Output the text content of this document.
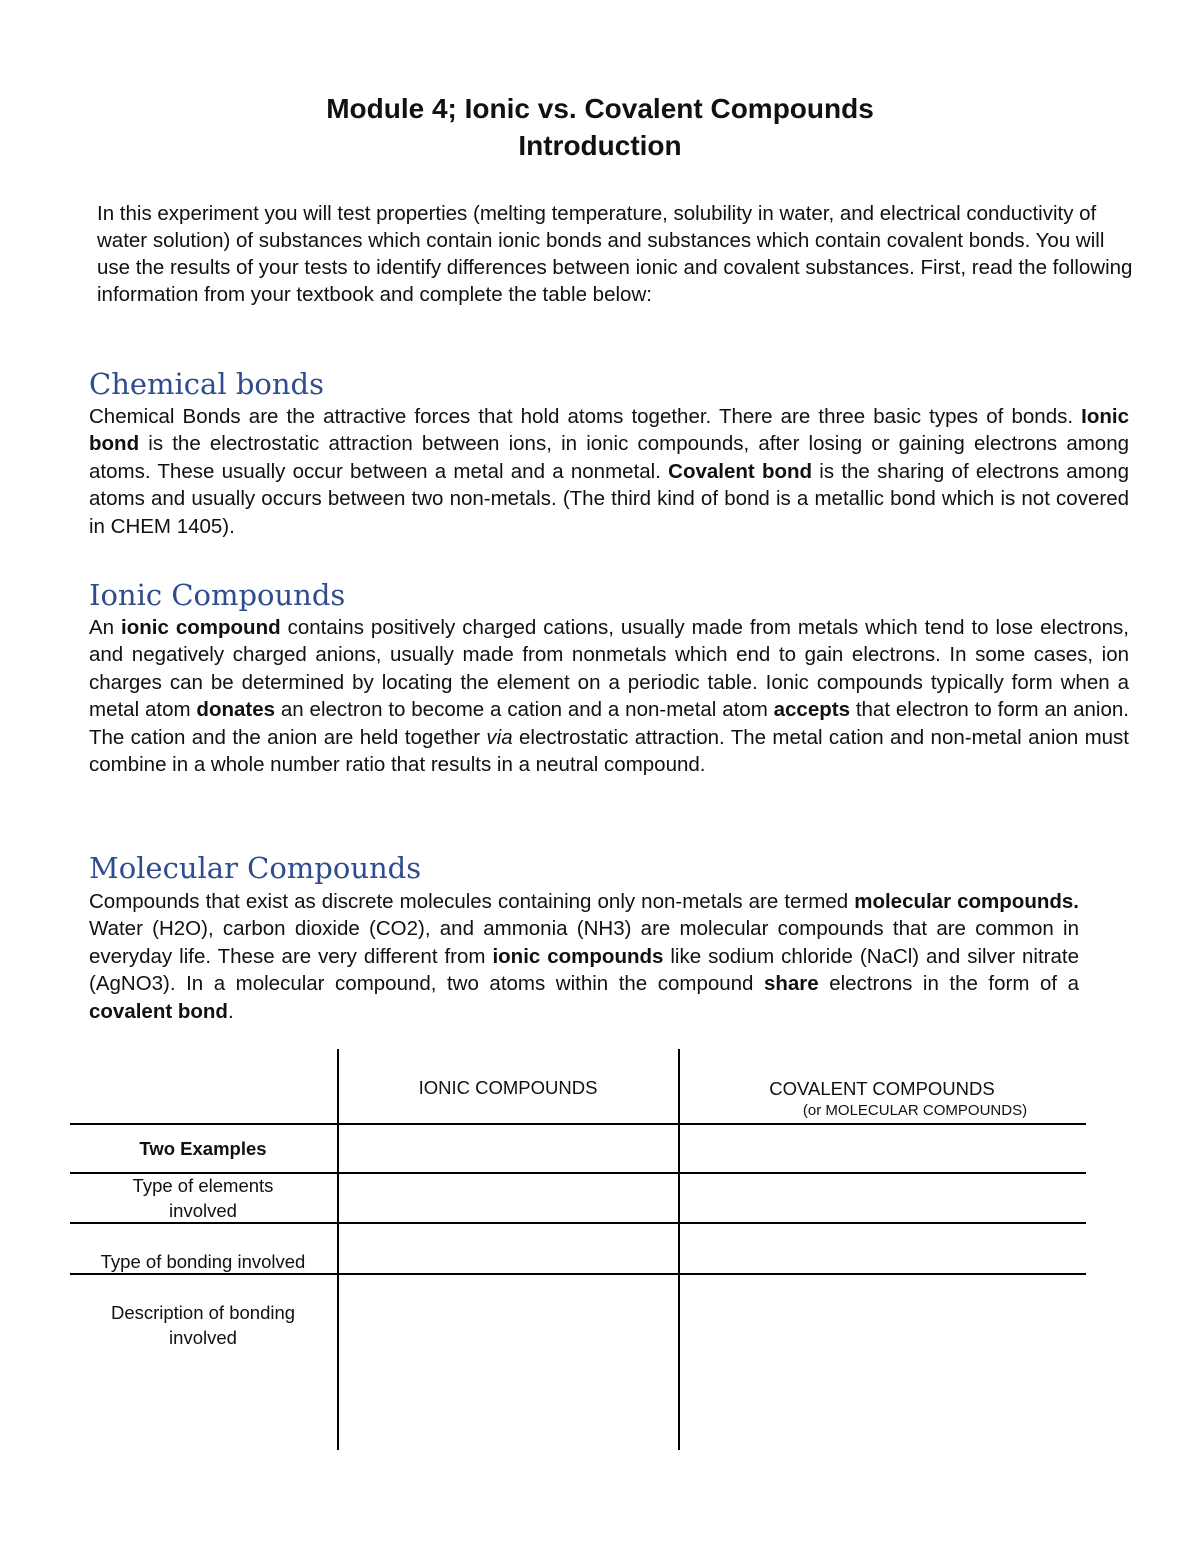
Module 4; Ionic vs. Covalent Compounds
Introduction

In this experiment you will test properties (melting temperature, solubility in water, and electrical conductivity of water solution) of substances which contain ionic bonds and substances which contain covalent bonds. You will use the results of your tests to identify differences between ionic and covalent substances. First, read the following information from your textbook and complete the table below:

Chemical bonds

Chemical Bonds are the attractive forces that hold atoms together. There are three basic types of bonds. Ionic bond is the electrostatic attraction between ions, in ionic compounds, after losing or gaining electrons among atoms. These usually occur between a metal and a nonmetal. Covalent bond is the sharing of electrons among atoms and usually occurs between two non-metals. (The third kind of bond is a metallic bond which is not covered in CHEM 1405).

Ionic Compounds

An ionic compound contains positively charged cations, usually made from metals which tend to lose electrons, and negatively charged anions, usually made from nonmetals which end to gain electrons. In some cases, ion charges can be determined by locating the element on a periodic table. Ionic compounds typically form when a metal atom donates an electron to become a cation and a non-metal atom accepts that electron to form an anion. The cation and the anion are held together via electrostatic attraction. The metal cation and non-metal anion must combine in a whole number ratio that results in a neutral compound.

Molecular Compounds

Compounds that exist as discrete molecules containing only non-metals are termed molecular compounds. Water (H2O), carbon dioxide (CO2), and ammonia (NH3) are molecular compounds that are common in everyday life. These are very different from ionic compounds like sodium chloride (NaCl) and silver nitrate (AgNO3). In a molecular compound, two atoms within the compound share electrons in the form of a covalent bond.

IONIC COMPOUNDS	COVALENT COMPOUNDS

(or MOLECULAR COMPOUNDS)

Two Examples

Type of elements
involved

Type of bonding involved

Description of bonding
involved
